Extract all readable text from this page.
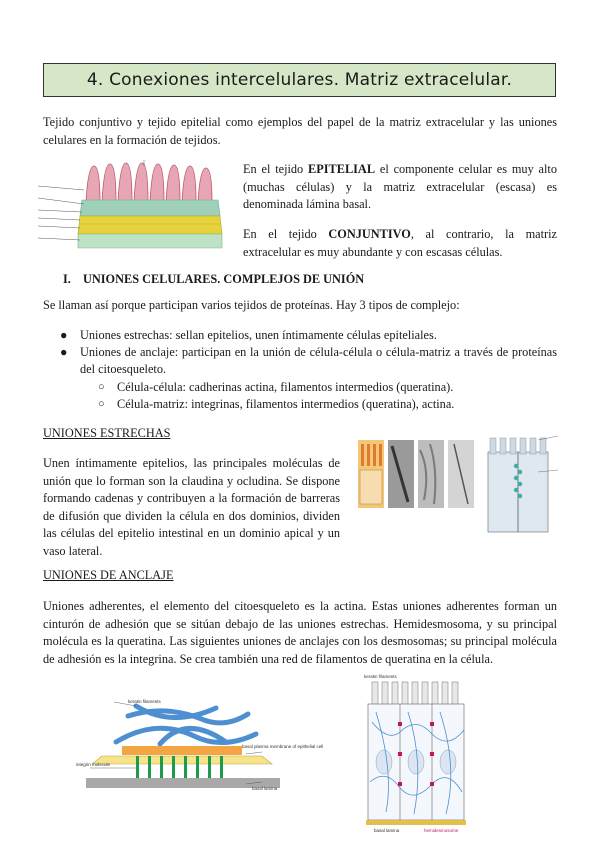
4. Conexiones intercelulares. Matriz extracelular.

Tejido conjuntivo y tejido epitelial como ejemplos del papel de la matriz extracelular y las uniones celulares en la formación de tejidos.

En el tejido EPITELIAL el componente celular es muy alto (muchas células) y la matriz extracelular (escasa) es denominada lámina basal.

En el tejido CONJUNTIVO, al contrario, la matriz extracelular es muy abundante y con escasas células.

I. UNIONES CELULARES. COMPLEJOS DE UNIÓN

Se llaman así porque participan varios tejidos de proteínas. Hay 3 tipos de complejo:

● Uniones estrechas: sellan epitelios, unen íntimamente células epiteliales.
● Uniones de anclaje: participan en la unión de célula-célula o célula-matriz a través de proteínas del citoesqueleto.
○ Célula-célula: cadherinas actina, filamentos intermedios (queratina).
○ Célula-matriz: integrinas, filamentos intermedios (queratina), actina.
UNIONES ESTRECHAS

Unen íntimamente epitelios, las principales moléculas de unión que lo forman son la claudina y ocludina. Se dispone formando cadenas y contribuyen a la formación de barreras de difusión que dividen la célula en dos dominios, dividen las células del epitelio intestinal en un dominio apical y un vaso lateral.

UNIONES DE ANCLAJE

Uniones adherentes, el elemento del citoesqueleto es la actina. Estas uniones adherentes forman un cinturón de adhesión que se sitúan debajo de las uniones estrechas. Hemidesmosoma, y su principal molécula es la queratina. Las siguientes uniones de anclajes con los desmosomas; su principal molécula de adhesión es la integrina. Se crea también una red de filamentos de queratina en la célula.

keratin filaments
basal plasma membrane of epithelial cell
integrin molecule
basal lamina
keratin filaments
basal lamina	hemidesmosome
